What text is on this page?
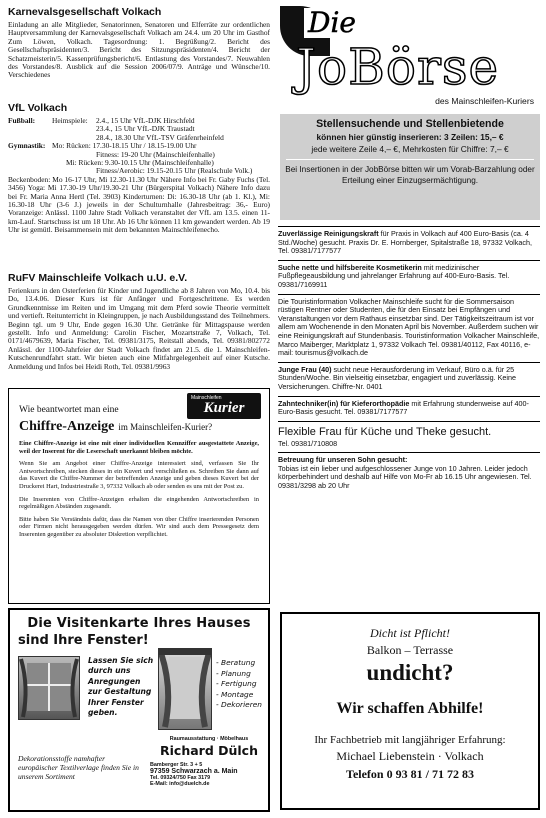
Karnevalsgesellschaft Volkach

Einladung an alle Mitglieder, Senatorinnen, Senatoren und Elferräte zur ordentlichen Hauptversammlung der Karnevalsgesellschaft Volkach am 24.4. um 20 Uhr im Gasthof Zum Löwen, Volkach. Tagesordnung: 1. Begrüßung/2. Bericht des Gesellschaftspräsidenten/3. Bericht des Sitzungspräsidenten/4. Bericht der Schatzmeisterin/5. Kassenprüfungsbericht/6. Entlastung des Vorstandes/7. Neuwahlen des Vorstandes/8. Ausblick auf die Session 2006/07/9. Anträge und Wünsche/10. Verschiedenes

VfL Volkach
Fußball:	Heimspiele:	2.4., 15 Uhr VfL-DJK Hirschfeld
23.4., 15 Uhr VfL-DJK Traustadt
28.4., 18.30 Uhr VfL-TSV Gräfenrheinfeld
Gymnastik: Mo: Rücken: 17.30-18.15 Uhr / 18.15-19.00 Uhr
Fitness: 19-20 Uhr (Mainschleifenhalle)
Mi: Rücken: 9.30-10.15 Uhr (Mainschleifenhalle)
Fitness/Aerobic: 19.15-20.15 Uhr (Realschule Volk.)

Beckenboden: Mo 16-17 Uhr, Mi 12.30-11.30 Uhr Nähere Info bei Fr. Gaby Fuchs (Tel. 3456) Yoga: Mi 17.30-19 Uhr/19.30-21 Uhr (Bürgerspital Volkach) Nähere Info dazu bei Fr. Maria Anna Hertl (Tel. 3903) Kinderturnen: Di: 16.30-18 Uhr (ab 1. Kl.), Mi: 16.30-18 Uhr (3-6 J.) jeweils in der Schulturnhalle (Jahresbeitrag: 36,- Euro) Voranzeige: Anlässl. 1100 Jahre Stadt Volkach veranstaltet der VfL am 13.5. einen 11-km-Lauf. Startschuss ist um 18 Uhr. Ab 16 Uhr können 11 km gewandert werden. Ab 19 Uhr ist gemütl. Beisammensein mit dem bekannten Mainschleifenecho.

RuFV Mainschleife Volkach u.U. e.V.

Ferienkurs in den Osterferien für Kinder und Jugendliche ab 8 Jahren von Mo, 10.4. bis Do, 13.4.06. Dieser Kurs ist für Anfänger und Fortgeschrittene. Es werden Grundkenntnisse im Reiten und im Umgang mit dem Pferd sowie Theorie vermittelt und vertieft. Reitunterricht in Kleingruppen, je nach Ausbildungsstand des Teilnehmers. Beginn tgl. um 9 Uhr, Ende gegen 16.30 Uhr. Getränke für Mittagspause werden gestellt. Info und Anmeldung: Carolin Fischer, Mozartstraße 7, Volkach, Tel. 0171/4679639, Maria Fischer, Tel. 09381/3175, Reitstall abends, Tel. 09381/802772 Anlässl. der 1100-Jahrfeier der Stadt Volkach findet am 21.5. die 1. Mainschleifen-Kutschenrundfahrt statt. Wir bieten auch eine Mitfahrgelegenheit auf einer Kutsche. Anmeldung und Infos bei Heidi Roth, Tel. 09381/9963

Mainschleifen
Kurier
Wie beantwortet man eine
Chiffre-Anzeige im Mainschleifen-Kurier?

Eine Chiffre-Anzeige ist eine mit einer individuellen Kennziffer ausgestattete Anzeige, weil der Inserent für die Leserschaft unerkannt bleiben möchte.

Wenn Sie am Angebot einer Chiffre-Anzeige interessiert sind, verfassen Sie Ihr Antwortschreiben, stecken dieses in ein Kuvert und verschließen es. Schreiben Sie dann auf das Kuvert die Chiffre-Nummer der betreffenden Anzeige und geben dieses Kuvert bei der Druckerei Hart, Industriestraße 3, 97332 Volkach ab oder senden es uns mit der Post zu.

Die Inserenten von Chiffre-Anzeigen erhalten die eingehenden Antwortschreiben in regelmäßigen Abständen zugesandt.

Bitte haben Sie Verständnis dafür, dass die Namen von über Chiffre inserierenden Personen oder Firmen nicht herausgegeben werden dürfen. Wir sind auch dem Pressegesetz dem Inserenten gegenüber zu absoluter Diskretion verpflichtet.

Die Visitenkarte Ihres Hauses
sind Ihre Fenster!
Lassen Sie sich
durch uns
Anregungen
zur Gestaltung
Ihrer Fenster
geben.
- Beratung
- Planung
- Fertigung
- Montage
- Dekorieren
Dekorationsstoffe namhafter europäischer Textilverlage finden Sie in unserem Sortiment
Raumausstattung · Möbelhaus
Richard Dülch
Bamberger Str. 3 + 5
97359 Schwarzach a. Main
Tel. 09324/750 Fax 3179
E-Mail: info@duelch.de
Die
JoBörse
des Mainschleifen-Kuriers
Stellensuchende und Stellenbietende
können hier günstig inserieren: 3 Zeilen: 15,– €
jede weitere Zeile 4,– €, Mehrkosten für Chiffre: 7,– €
Bei Insertionen in der JobBörse bitten wir um Vorab-Barzahlung oder Erteilung einer Einzugsermächtigung.

Zuverlässige Reinigungskraft für Praxis in Volkach auf 400 Euro-Basis (ca. 4 Std./Woche) gesucht. Praxis Dr. E. Hornberger, Spitalstraße 18, 97332 Volkach, Tel. 09381/7177577

Suche nette und hilfsbereite Kosmetikerin mit medizinischer Fußpflegeausbildung und jahrelanger Erfahrung auf 400-Euro-Basis. Tel. 09381/7169911

Die Touristinformation Volkacher Mainschleife sucht für die Sommersaison rüstigen Rentner oder Studenten, die für den Einsatz bei Empfängen und Veranstaltungen vor dem Rathaus einsetzbar sind. Der Tätigkeitszeitraum ist vor allem am Wochenende in den Monaten April bis November. Außerdem suchen wir eine Reinigungskraft auf Stundenbasis. Touristinformation Volkacher Mainschleife, Marco Maiberger, Marktplatz 1, 97332 Volkach Tel. 09381/40112, Fax 40116, e-mail: tourismus@volkach.de

Junge Frau (40) sucht neue Herausforderung im Verkauf, Büro o.ä. für 25 Stunden/Woche. Bin vielseitig einsetzbar, engagiert und zuverlässig. Keine Versicherungen. Chiffre-Nr. 0401

Zahntechniker(in) für Kieferorthopädie mit Erfahrung stundenweise auf 400-Euro-Basis gesucht. Tel. 09381/7177577

Flexible Frau für Küche und Theke gesucht.

Tel. 09381/710808

Betreuung für unseren Sohn gesucht:

Tobias ist ein lieber und aufgeschlossener Junge von 10 Jahren. Leider jedoch körperbehindert und deshalb auf Hilfe von Mo-Fr ab 16.15 Uhr angewiesen. Tel. 09381/3298 ab 20 Uhr

Dicht ist Pflicht!
Balkon – Terrasse
undicht?
Wir schaffen Abhilfe!
Ihr Fachbetrieb mit langjähriger Erfahrung:
Michael Liebenstein · Volkach
Telefon 0 93 81 / 71 72 83
